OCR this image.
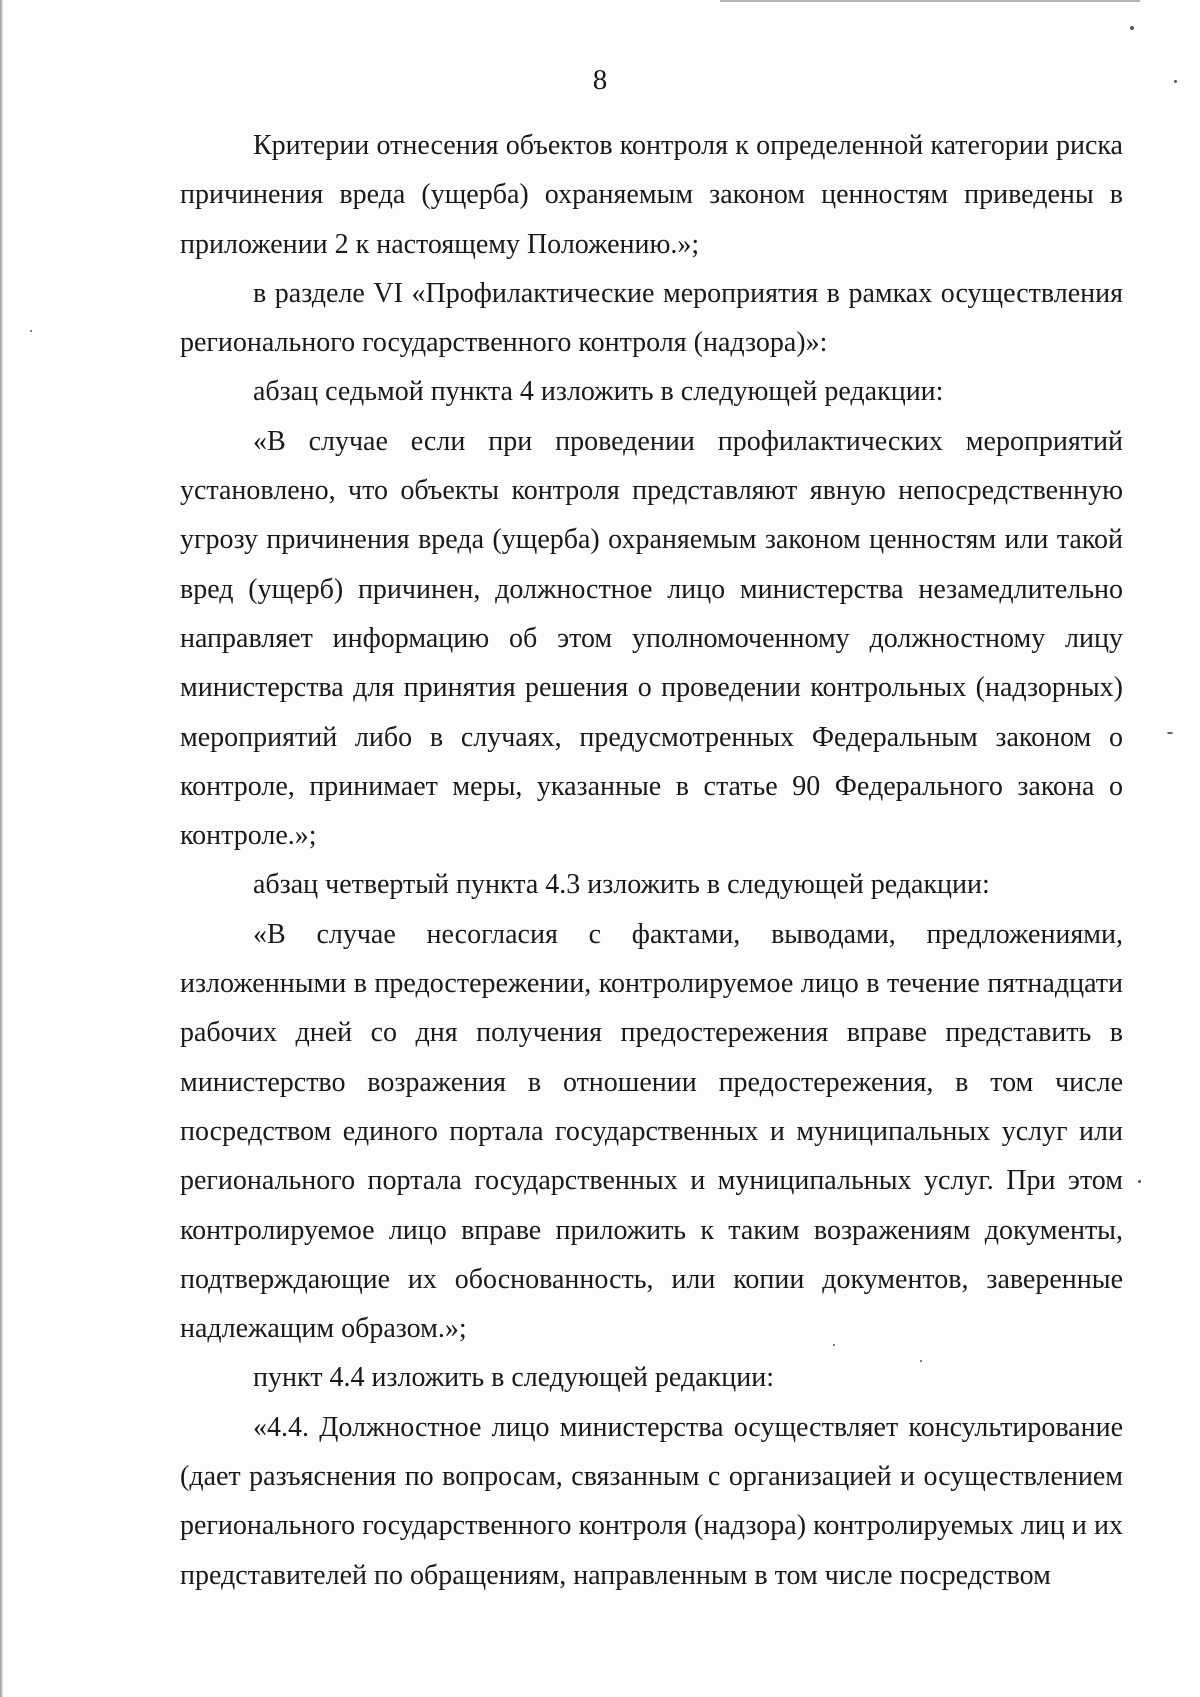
8

Критерии отнесения объектов контроля к определенной категории риска причинения вреда (ущерба) охраняемым законом ценностям приведены в приложении 2 к настоящему Положению.»;

в разделе VI «Профилактические мероприятия в рамках осуществления регионального государственного контроля (надзора)»:

абзац седьмой пункта 4 изложить в следующей редакции:

«В случае если при проведении профилактических мероприятий установлено, что объекты контроля представляют явную непосредственную угрозу причинения вреда (ущерба) охраняемым законом ценностям или такой вред (ущерб) причинен, должностное лицо министерства незамедлительно направляет информацию об этом уполномоченному должностному лицу министерства для принятия решения о проведении контрольных (надзорных) мероприятий либо в случаях, предусмотренных Федеральным законом о контроле, принимает меры, указанные в статье 90 Федерального закона о контроле.»;

абзац четвертый пункта 4.3 изложить в следующей редакции:

«В случае несогласия с фактами, выводами, предложениями, изложенными в предостережении, контролируемое лицо в течение пятнадцати рабочих дней со дня получения предостережения вправе представить в министерство возражения в отношении предостережения, в том числе посредством единого портала государственных и муниципальных услуг или регионального портала государственных и муниципальных услуг. При этом контролируемое лицо вправе приложить к таким возражениям документы, подтверждающие их обоснованность, или копии документов, заверенные надлежащим образом.»;

пункт 4.4 изложить в следующей редакции:

«4.4. Должностное лицо министерства осуществляет консультирование (дает разъяснения по вопросам, связанным с организацией и осуществлением регионального государственного контроля (надзора) контролируемых лиц и их представителей по обращениям, направленным в том числе посредством
